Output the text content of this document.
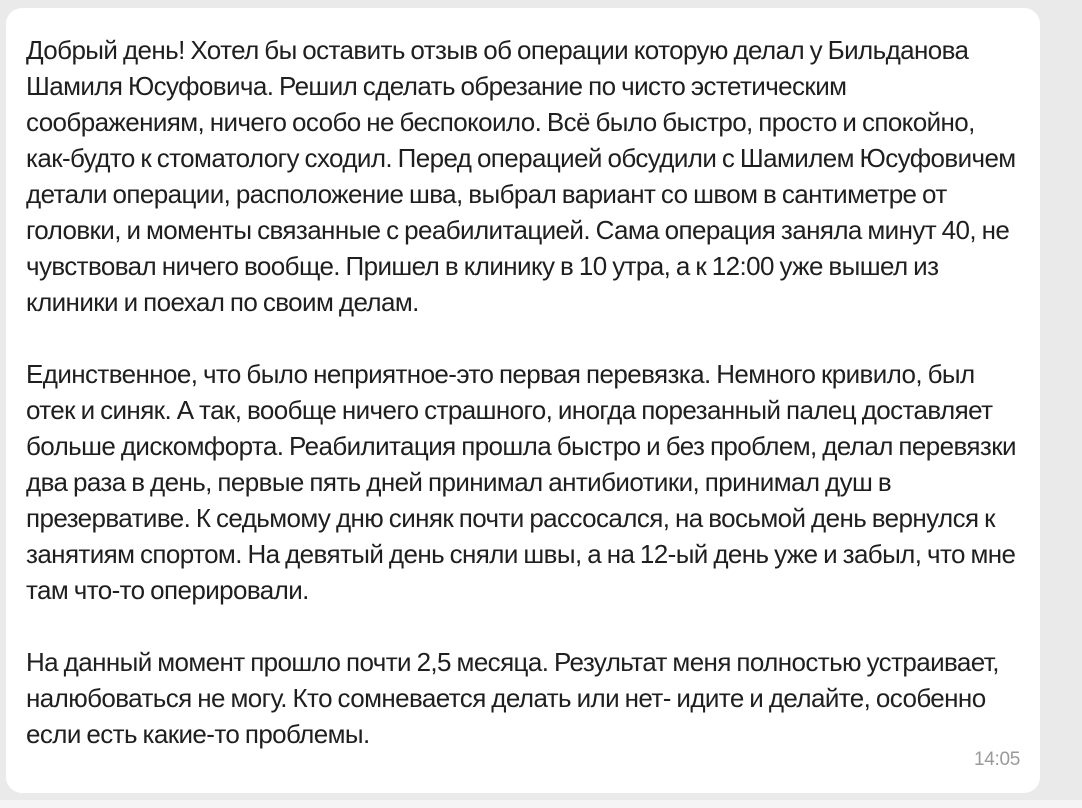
Добрый день! Хотел бы оставить отзыв об операции которую делал у Бильданова Шамиля Юсуфовича. Решил сделать обрезание по чисто эстетическим соображениям, ничего особо не беспокоило. Всё было быстро, просто и спокойно, как-будто к стоматологу сходил. Перед операцией обсудили с Шамилем Юсуфовичем детали операции, расположение шва, выбрал вариант со швом в сантиметре от головки, и моменты связанные с реабилитацией. Сама операция заняла минут 40, не чувствовал ничего вообще. Пришел в клинику в 10 утра, а к 12:00 уже вышел из клиники и поехал по своим делам.

Единственное, что было неприятное-это первая перевязка. Немного кривило, был отек и синяк. А так, вообще ничего страшного, иногда порезанный палец доставляет больше дискомфорта. Реабилитация прошла быстро и без проблем, делал перевязки два раза в день, первые пять дней принимал антибиотики, принимал душ в презервативе. К седьмому дню синяк почти рассосался, на восьмой день вернулся к занятиям спортом. На девятый день сняли швы, а на 12-ый день уже и забыл, что мне там что-то оперировали.

На данный момент прошло почти 2,5 месяца. Результат меня полностью устраивает, налюбоваться не могу. Кто сомневается делать или нет- идите и делайте, особенно если есть какие-то проблемы.

14:05
